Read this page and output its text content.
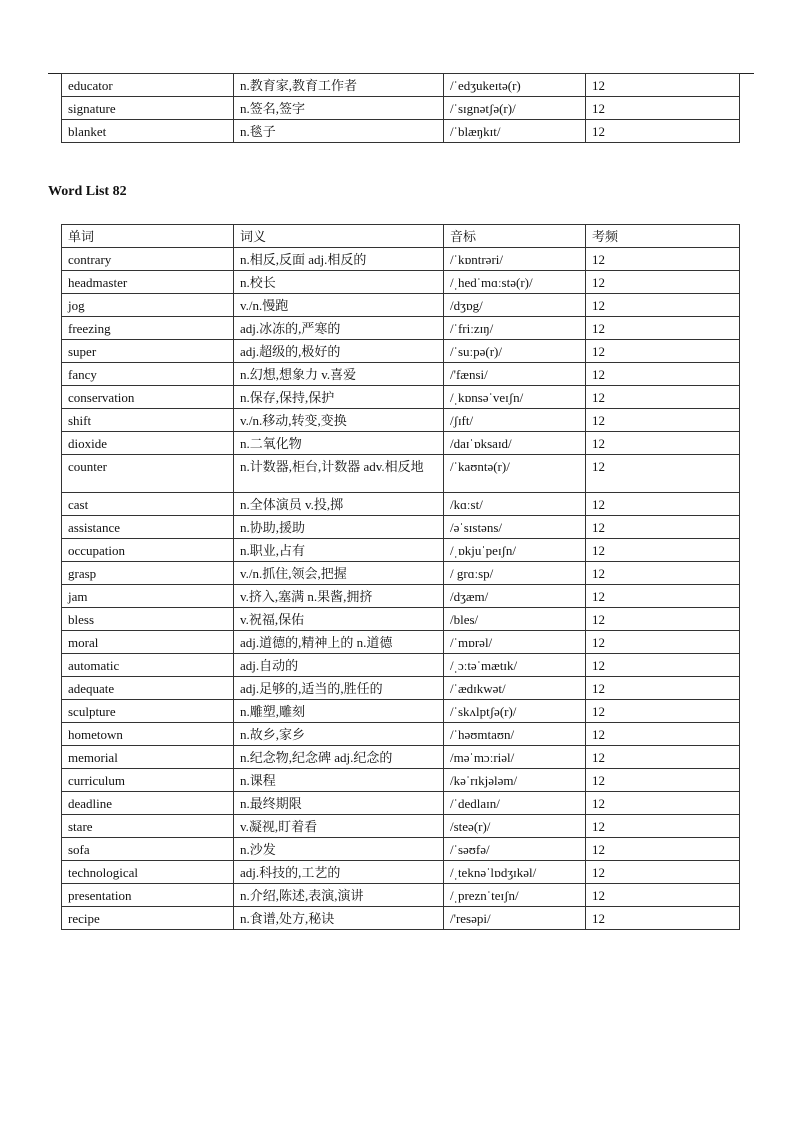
educator	n.教育家,教育工作者	/ˈedʒukeɪtə(r)	12
signature	n.签名,签字	/ˈsɪgnətʃə(r)/	12
blanket	n.毯子	/ˈblæŋkɪt/	12
Word List 82
单词	词义	音标	考频
contrary	n.相反,反面 adj.相反的	/ˈkɒntrəri/	12
headmaster	n.校长	/ˌhedˈmɑːstə(r)/	12
jog	v./n.慢跑	/dʒɒg/	12
freezing	adj.冰冻的,严寒的	/ˈfriːzɪŋ/	12
super	adj.超级的,极好的	/ˈsuːpə(r)/	12
fancy	n.幻想,想象力 v.喜爱	/'fænsi/	12
conservation	n.保存,保持,保护	/ˌkɒnsəˈveɪʃn/	12
shift	v./n.移动,转变,变换	/ʃɪft/	12
dioxide	n.二氧化物	/daɪˈɒksaɪd/	12
counter	n.计数器,柜台,计数器 adv.相反地	/ˈkaʊntə(r)/	12
cast	n.全体演员 v.投,掷	/kɑːst/	12
assistance	n.协助,援助	/əˈsɪstəns/	12
occupation	n.职业,占有	/ˌɒkjuˈpeɪʃn/	12
grasp	v./n.抓住,领会,把握	/ grɑːsp/	12
jam	v.挤入,塞满 n.果酱,拥挤	/dʒæm/	12
bless	v.祝福,保佑	/bles/	12
moral	adj.道德的,精神上的 n.道德	/ˈmɒrəl/	12
automatic	adj.自动的	/ˌɔːtəˈmætɪk/	12
adequate	adj.足够的,适当的,胜任的	/ˈædɪkwət/	12
sculpture	n.雕塑,雕刻	/ˈskʌlptʃə(r)/	12
hometown	n.故乡,家乡	/ˈhəʊmtaʊn/	12
memorial	n.纪念物,纪念碑 adj.纪念的	/məˈmɔːriəl/	12
curriculum	n.课程	/kəˈrɪkjələm/	12
deadline	n.最终期限	/ˈdedlaɪn/	12
stare	v.凝视,盯着看	/steə(r)/	12
sofa	n.沙发	/ˈsəʊfə/	12
technological	adj.科技的,工艺的	/ˌteknəˈlɒdʒɪkəl/	12
presentation	n.介绍,陈述,表演,演讲	/ˌpreznˈteɪʃn/	12
recipe	n.食谱,处方,秘诀	/'resəpi/	12
